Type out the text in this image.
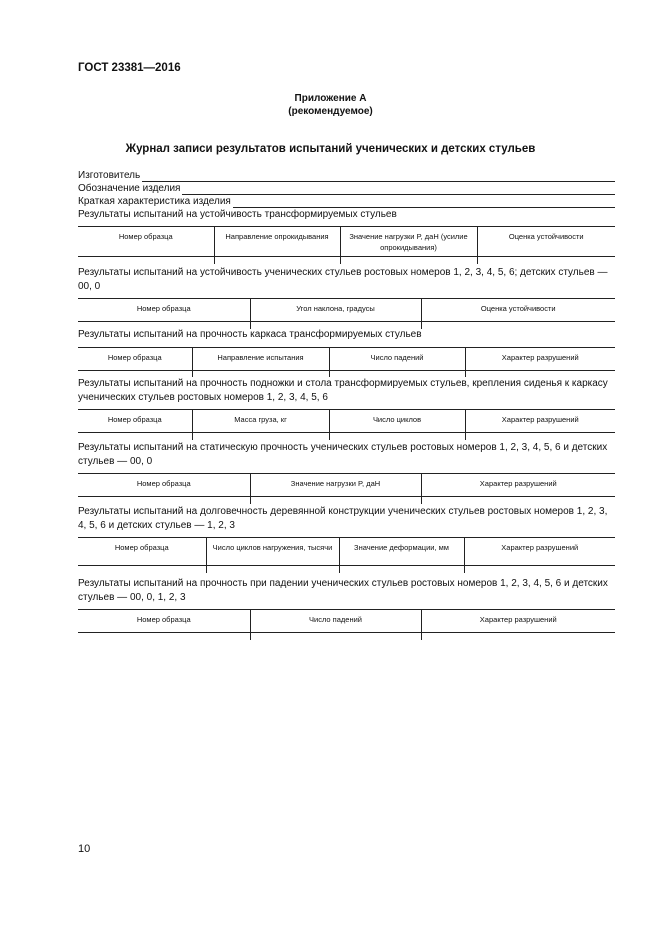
ГОСТ 23381—2016
Приложение А
(рекомендуемое)
Журнал записи результатов испытаний ученических и детских стульев
Изготовитель
Обозначение изделия
Краткая характеристика изделия
Результаты испытаний на устойчивость трансформируемых стульев
Номер образца	Направление опрокидывания	Значение нагрузки P, даН (усилие опрокидывания)	Оценка устойчивости

Результаты испытаний на устойчивость ученических стульев ростовых номеров 1, 2, 3, 4, 5, 6; детских стульев — 00, 0
Номер образца	Угол наклона, градусы	Оценка устойчивости

Результаты испытаний на прочность каркаса трансформируемых стульев
Номер образца	Направление испытания	Число падений	Характер разрушений

Результаты испытаний на прочность подножки и стола трансформируемых стульев, крепления сиденья к каркасу ученических стульев ростовых номеров 1, 2, 3, 4, 5, 6
Номер образца	Масса груза, кг	Число циклов	Характер разрушений

Результаты испытаний на статическую прочность ученических стульев ростовых номеров 1, 2, 3, 4, 5, 6 и детских стульев — 00, 0
Номер образца	Значение нагрузки P, даН	Характер разрушений

Результаты испытаний на долговечность деревянной конструкции ученических стульев ростовых номеров 1, 2, 3, 4, 5, 6 и детских стульев — 1, 2, 3
Номер образца	Число циклов нагружения, тысячи	Значение деформации, мм	Характер разрушений

Результаты испытаний на прочность при падении ученических стульев ростовых номеров 1, 2, 3, 4, 5, 6 и детских стульев — 00, 0, 1, 2, 3
Номер образца	Число падений	Характер разрушений

10
